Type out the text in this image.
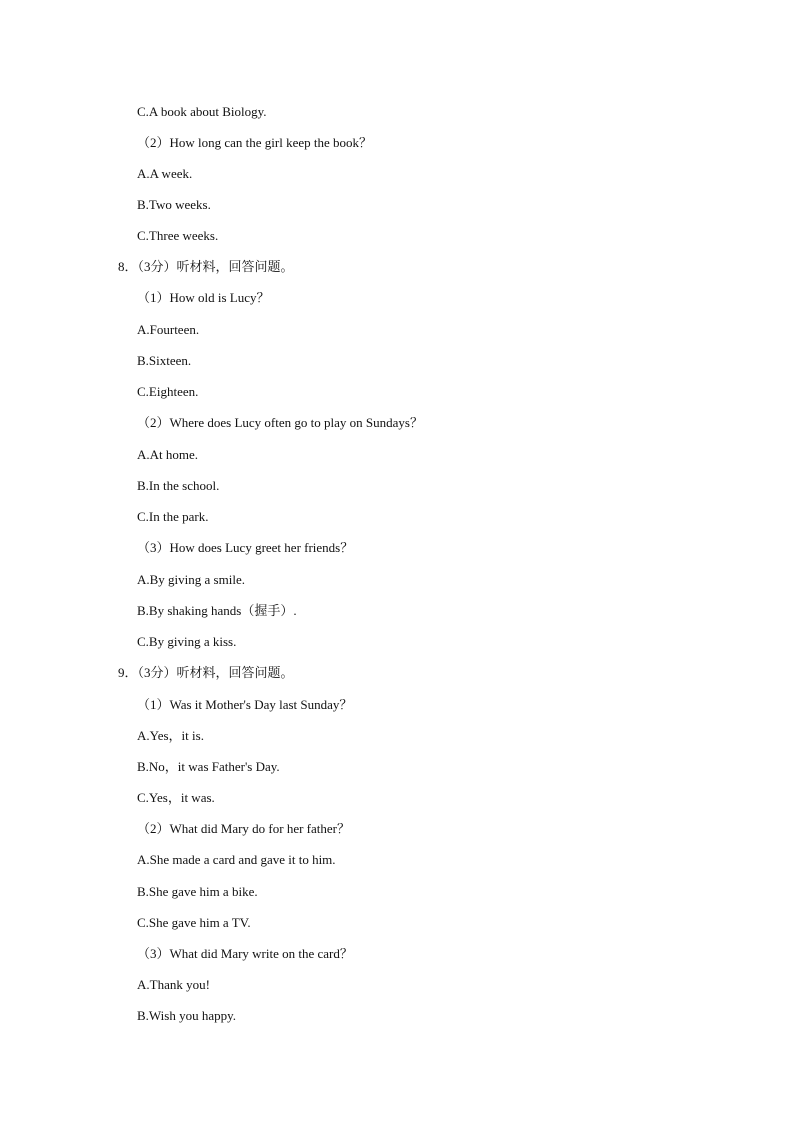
C.A book about Biology.
（2）How long can the girl keep the book？
A.A week.
B.Two weeks.
C.Three weeks.
8．（3分）听材料，回答问题。
（1）How old is Lucy？
A.Fourteen.
B.Sixteen.
C.Eighteen.
（2）Where does Lucy often go to play on Sundays？
A.At home.
B.In the school.
C.In the park.
（3）How does Lucy greet her friends？
A.By giving a smile.
B.By shaking hands（握手）.
C.By giving a kiss.
9．（3分）听材料，回答问题。
（1）Was it Mother's Day last Sunday？
A.Yes，it is.
B.No，it was Father's Day.
C.Yes，it was.
（2）What did Mary do for her father？
A.She made a card and gave it to him.
B.She gave him a bike.
C.She gave him a TV.
（3）What did Mary write on the card？
A.Thank you!
B.Wish you happy.
